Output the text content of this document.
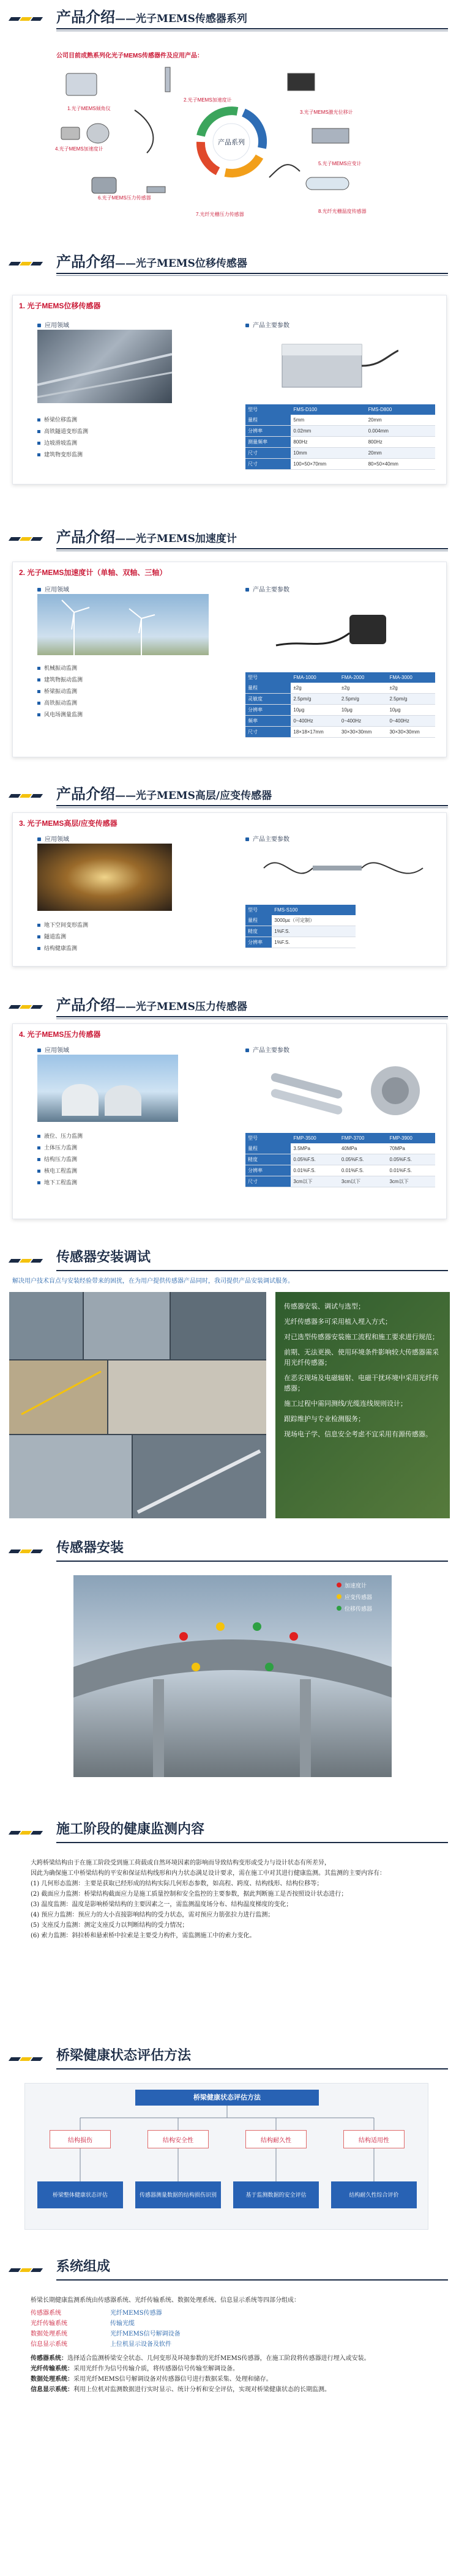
产品介绍——光子MEMS传感器系列
公司目前成熟系列化光子MEMS传感器件及应用产品：
产品系列
1.光子MEMS倾角仪
2.光子MEMS加速度计
3.光子MEMS激光位移计
4.光子MEMS加速度计
5.光子MEMS应变计
6.光子MEMS压力传感器
7.光纤光栅压力传感器
8.光纤光栅温度传感器
产品介绍——光子MEMS位移传感器
1. 光子MEMS位移传感器
应用领域
桥梁位移监测
高铁隧道变形监测
边坡滑坡监测
建筑物变形监测
产品主要参数
型号	FMS-D100	FMS-D800
量程	5mm	20mm
分辨率	0.02mm	0.004mm
测量频率	800Hz	800Hz
尺寸	10mm	20mm
尺寸	100×50×70mm	80×50×40mm
产品介绍——光子MEMS加速度计
2. 光子MEMS加速度计（单轴、双轴、三轴）
应用领域
机械振动监测
建筑物振动监测
桥梁振动监测
高铁振动监测
风电场测量监测
产品主要参数
型号	FMA-1000	FMA-2000	FMA-3000
量程	±2g	±2g	±2g
灵敏度	2.5pm/g	2.5pm/g	2.5pm/g
分辨率	10μg	10μg	10μg
频率	0~400Hz	0~400Hz	0~400Hz
尺寸	18×18×17mm	30×30×30mm	30×30×30mm
产品介绍——光子MEMS高层/应变传感器
3. 光子MEMS高层/应变传感器
应用领域
地下空间变形监测
隧道监测
结构健康监测
产品主要参数
型号	FMS-S100
量程	3000με（可定制）
精度	1%F.S.
分辨率	1%F.S.
产品介绍——光子MEMS压力传感器
4. 光子MEMS压力传感器
应用领域
液位、压力监测
土体压力监测
结构压力监测
核电工程监测
地下工程监测
产品主要参数
型号	FMP-3500	FMP-3700	FMP-3900
量程	3.5MPa	40MPa	70MPa
精度	0.05%F.S.	0.05%F.S.	0.05%F.S.
分辨率	0.01%F.S.	0.01%F.S.	0.01%F.S.
尺寸	3cm以下	3cm以下	3cm以下
传感器安装调试
解决用户技术盲点与安装经验带来的困扰，在为用户提供传感器产品同时，我司提供产品安装调试服务。
传感器安装、调试与选型；
光纤传感器多可采用植入埋入方式；
对已选型传感器安装施工流程和施工要求进行规范；
前期、无法更换、使用环境条件影响较大传感器需采用光纤传感器；
在恶劣现场及电磁辐射、电磁干扰环境中采用光纤传感器；
施工过程中需同测线/光缆连线规则设计；
跟踪维护与专业检测服务；
现场电子学、信息安全考虑不宜采用有源传感器。
传感器安装
加速度计
应变传感器
位移传感器
施工阶段的健康监测内容

大跨桥梁结构由于在施工阶段受到施工荷载或自然环境因素的影响而导致结构变形或受力与设计状态有所差异，

因此为确保施工中桥梁结构的平安和保证结构线形和内力状态满足设计要求，需在施工中对其进行健康监测。其监测的主要内容有：

(1) 几何形态监测：主要是获取已经形成的结构实际几何形态参数，如高程、跨度、结构线形、结构位移等；

(2) 截面应力监测：桥梁结构截面应力是施工质量控制和安全监控的主要参数，据此判断施工是否按照设计状态进行；

(3) 温度监测：温度是影响桥梁结构的主要因素之一，需监测温度场分布、结构温度梯度的变化；

(4) 预应力监测：预应力的大小直接影响结构的受力状态，需对预应力筋张拉力进行监测；

(5) 支座反力监测：测定支座反力以判断结构的受力情况；

(6) 索力监测：斜拉桥和悬索桥中拉索是主要受力构件，需监测施工中的索力变化。

桥梁健康状态评估方法
桥梁健康状态评估方法
结构损伤	结构安全性	结构耐久性	结构适用性
桥梁整体健康状态评估	传感器测量数据的结构损伤识别	基于监测数据的安全评估	结构耐久性综合评价
系统组成

桥梁长期健康监测系统由传感器系统、光纤传输系统、数据处理系统、信息显示系统等四部分组成：

传感器系统	光纤MEMS传感器
光纤传输系统	传输光缆
数据处理系统	光纤MEMS信号解调设备
信息显示系统	上位机显示设备及软件

传感器系统：选择适合监测桥梁安全状态、几何变形及环境参数的光纤MEMS传感器，在施工阶段将传感器进行埋入或安装。

光纤传输系统：采用光纤作为信号传输介质，将传感器信号传输至解调设备。

数据处理系统：采用光纤MEMS信号解调设备对传感器信号进行数据采集、处理和储存。

信息显示系统：利用上位机对监测数据进行实时显示、统计分析和安全评估，实现对桥梁健康状态的长期监测。
